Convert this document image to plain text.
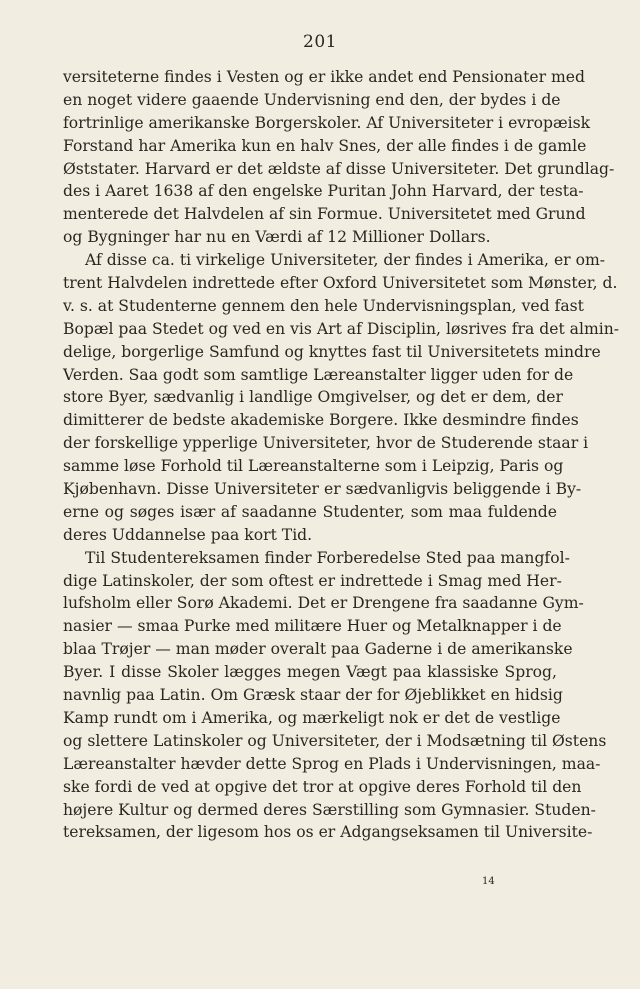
201
versiteterne findes i Vesten og er ikke andet end Pensionater med
en noget videre gaaende Undervisning end den, der bydes i de
fortrinlige amerikanske Borgerskoler. Af Universiteter i evropæisk
Forstand har Amerika kun en halv Snes, der alle findes i de gamle
Øststater. Harvard er det ældste af disse Universiteter. Det grundlag-
des i Aaret 1638 af den engelske Puritan John Harvard, der testa-
menterede det Halvdelen af sin Formue. Universitetet med Grund
og Bygninger har nu en Værdi af 12 Millioner Dollars.
Af disse ca. ti virkelige Universiteter, der findes i Amerika, er om-
trent Halvdelen indrettede efter Oxford Universitetet som Mønster, d.
v. s. at Studenterne gennem den hele Undervisningsplan, ved fast
Bopæl paa Stedet og ved en vis Art af Disciplin, løsrives fra det almin-
delige, borgerlige Samfund og knyttes fast til Universitetets mindre
Verden. Saa godt som samtlige Læreanstalter ligger uden for de
store Byer, sædvanlig i landlige Omgivelser, og det er dem, der
dimitterer de bedste akademiske Borgere. Ikke desmindre findes
der forskellige ypperlige Universiteter, hvor de Studerende staar i
samme løse Forhold til Læreanstalterne som i Leipzig, Paris og
Kjøbenhavn. Disse Universiteter er sædvanligvis beliggende i By-
erne og søges især af saadanne Studenter, som maa fuldende
deres Uddannelse paa kort Tid.
Til Studentereksamen finder Forberedelse Sted paa mangfol-
dige Latinskoler, der som oftest er indrettede i Smag med Her-
lufsholm eller Sorø Akademi. Det er Drengene fra saadanne Gym-
nasier — smaa Purke med militære Huer og Metalknapper i de
blaa Trøjer — man møder overalt paa Gaderne i de amerikanske
Byer. I disse Skoler lægges megen Vægt paa klassiske Sprog,
navnlig paa Latin. Om Græsk staar der for Øjeblikket en hidsig
Kamp rundt om i Amerika, og mærkeligt nok er det de vestlige
og slettere Latinskoler og Universiteter, der i Modsætning til Østens
Læreanstalter hævder dette Sprog en Plads i Undervisningen, maa-
ske fordi de ved at opgive det tror at opgive deres Forhold til den
højere Kultur og dermed deres Særstilling som Gymnasier. Studen-
tereksamen, der ligesom hos os er Adgangseksamen til Universite-
14
